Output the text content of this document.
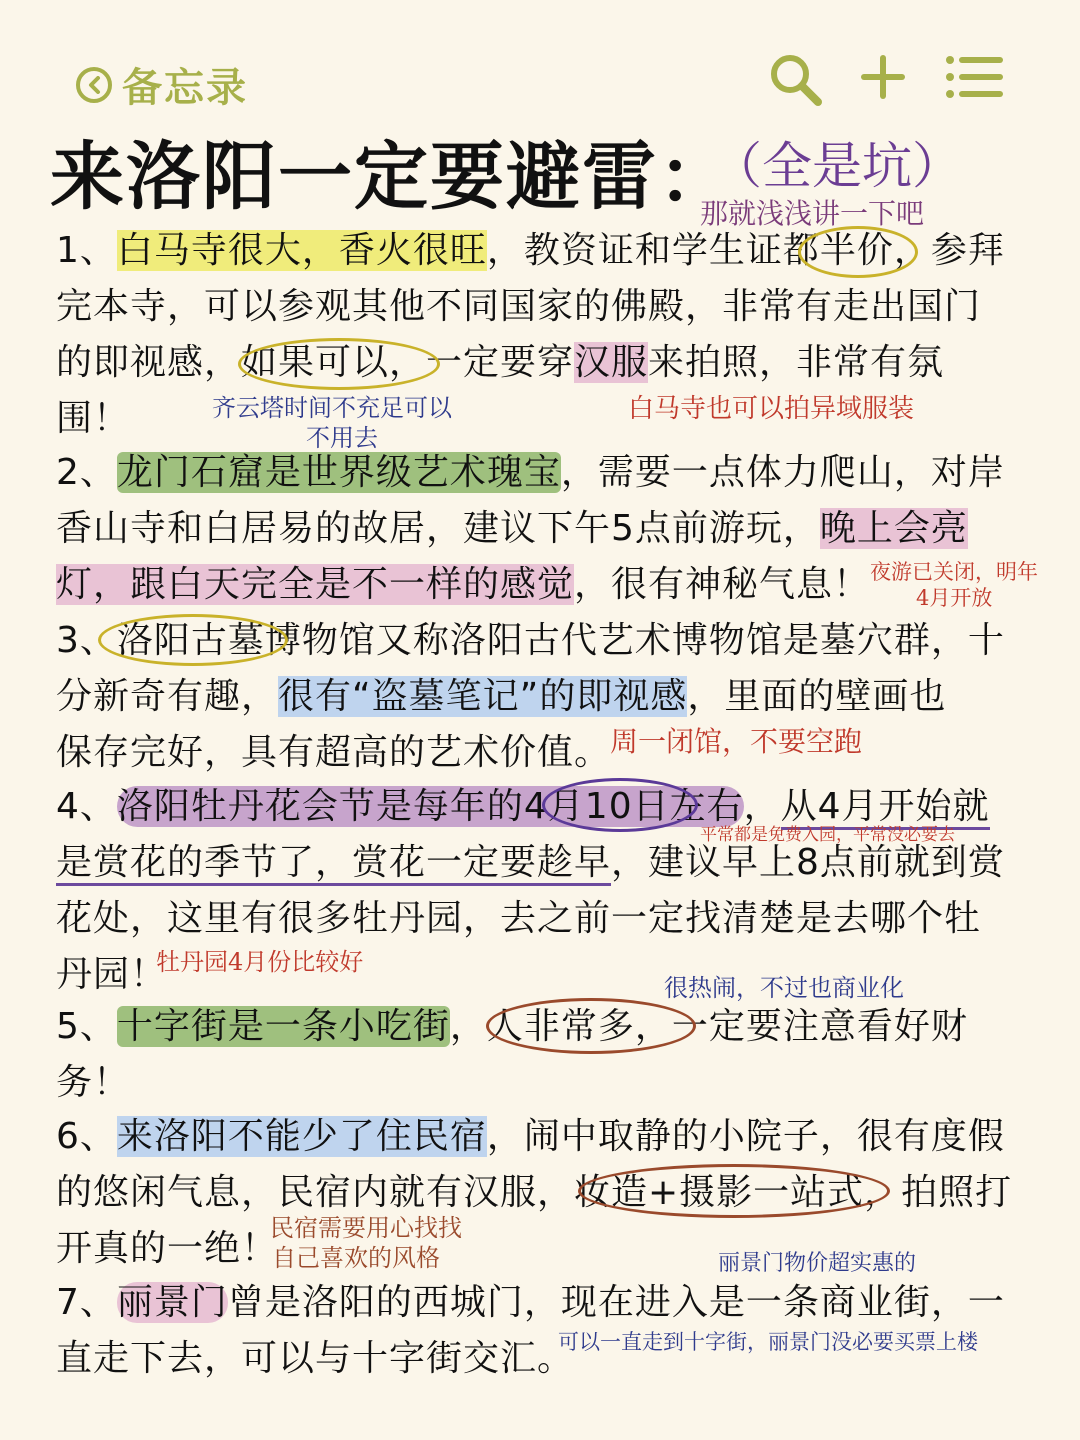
备忘录
来洛阳一定要避雷：
（全是坑）
那就浅浅讲一下吧
1、白马寺很大，香火很旺，教资证和学生证都半价，参拜
完本寺，可以参观其他不同国家的佛殿，非常有走出国门
的即视感，如果可以，一定要穿汉服来拍照，非常有氛
围！	齐云塔时间不充足可以
不用去
白马寺也可以拍异域服装
2、龙门石窟是世界级艺术瑰宝，需要一点体力爬山，对岸
香山寺和白居易的故居，建议下午5点前游玩，晚上会亮
灯，跟白天完全是不一样的感觉，很有神秘气息！ 夜游已关闭，明年
4月开放
3、洛阳古墓博物馆又称洛阳古代艺术博物馆是墓穴群，十
分新奇有趣，很有“盗墓笔记”的即视感，里面的壁画也
保存完好，具有超高的艺术价值。
周一闭馆，不要空跑
4、洛阳牡丹花会节是每年的4月10日左右，从4月开始就
是赏花的季节了，赏花一定要趁早，建议早上8点前就到赏
花处，这里有很多牡丹园，去之前一定找清楚是去哪个牡
丹园！
平常都是免费入园，平常没必要去
牡丹园4月份比较好
很热闹，不过也商业化
5、十字街是一条小吃街，人非常多，一定要注意看好财
务！
6、来洛阳不能少了住民宿，闹中取静的小院子，很有度假
的悠闲气息，民宿内就有汉服，妆造+摄影一站式，拍照打
开真的一绝！
民宿需要用心找找
自己喜欢的风格	丽景门物价超实惠的
7、丽景门曾是洛阳的西城门，现在进入是一条商业街，一
直走下去，可以与十字街交汇。
可以一直走到十字街，丽景门没必要买票上楼
